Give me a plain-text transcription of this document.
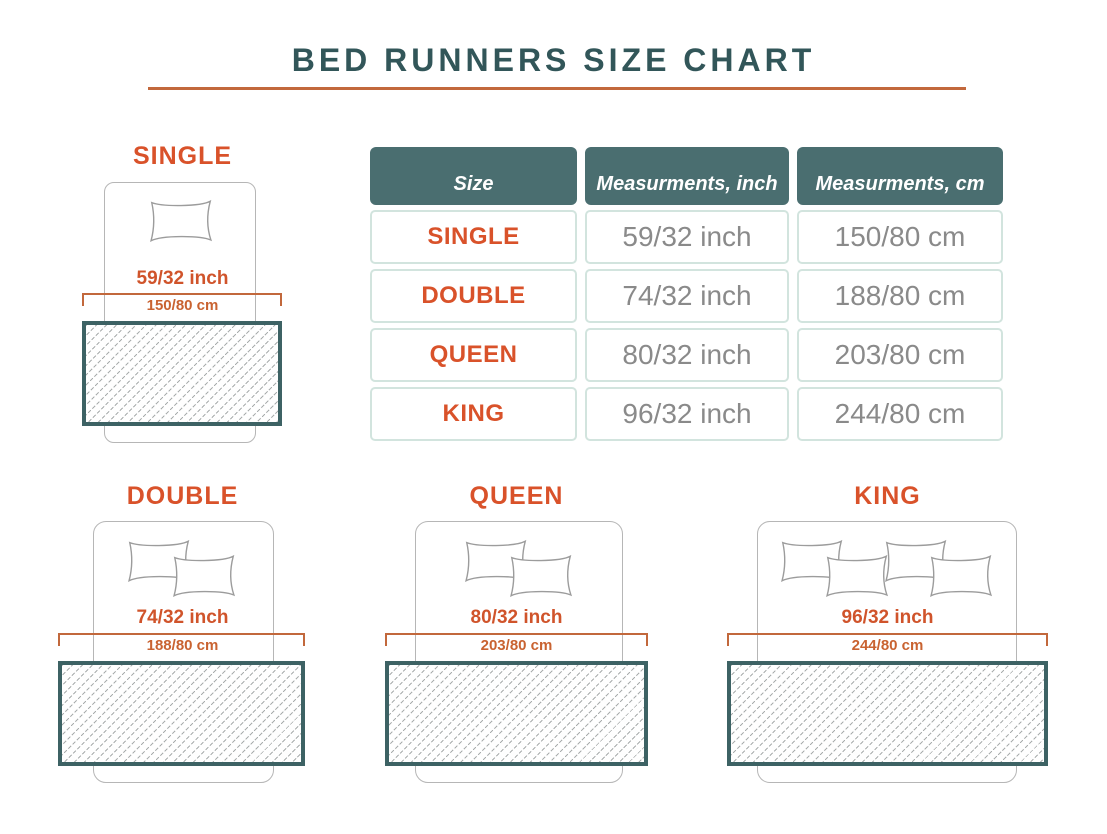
BED RUNNERS SIZE CHART
SINGLE
59/32 inch
150/80 cm
Size	Measurments, inch	Measurments, cm
SINGLE	59/32 inch	150/80 cm
DOUBLE	74/32 inch	188/80 cm
QUEEN	80/32 inch	203/80 cm
KING	96/32 inch	244/80 cm
DOUBLE
74/32 inch
188/80 cm
QUEEN
80/32 inch
203/80 cm
KING
96/32 inch
244/80 cm
